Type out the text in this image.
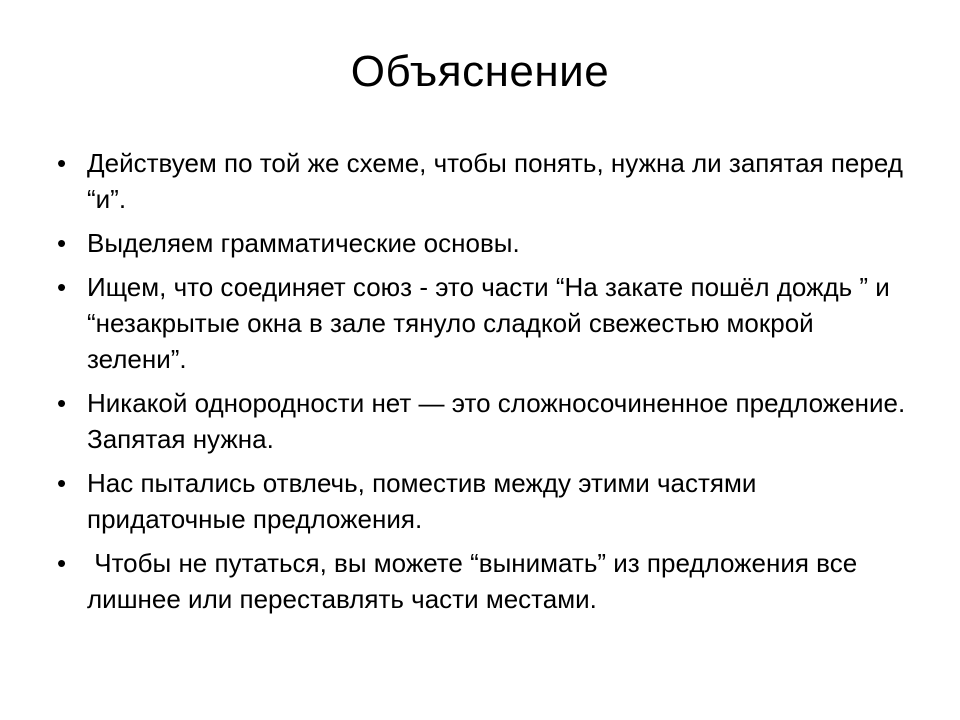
Объяснение
• Действуем по той же схеме, чтобы понять, нужна ли запятая перед “и”.
• Выделяем грамматические основы.
• Ищем, что соединяет союз - это части “На закате пошёл дождь ” и “незакрытые окна в зале тянуло сладкой свежестью мокрой зелени”.
• Никакой однородности нет — это сложносочиненное предложение. Запятая нужна.
• Нас пытались отвлечь, поместив между этими частями придаточные предложения.
• Чтобы не путаться, вы можете “вынимать” из предложения все лишнее или переставлять части местами.
